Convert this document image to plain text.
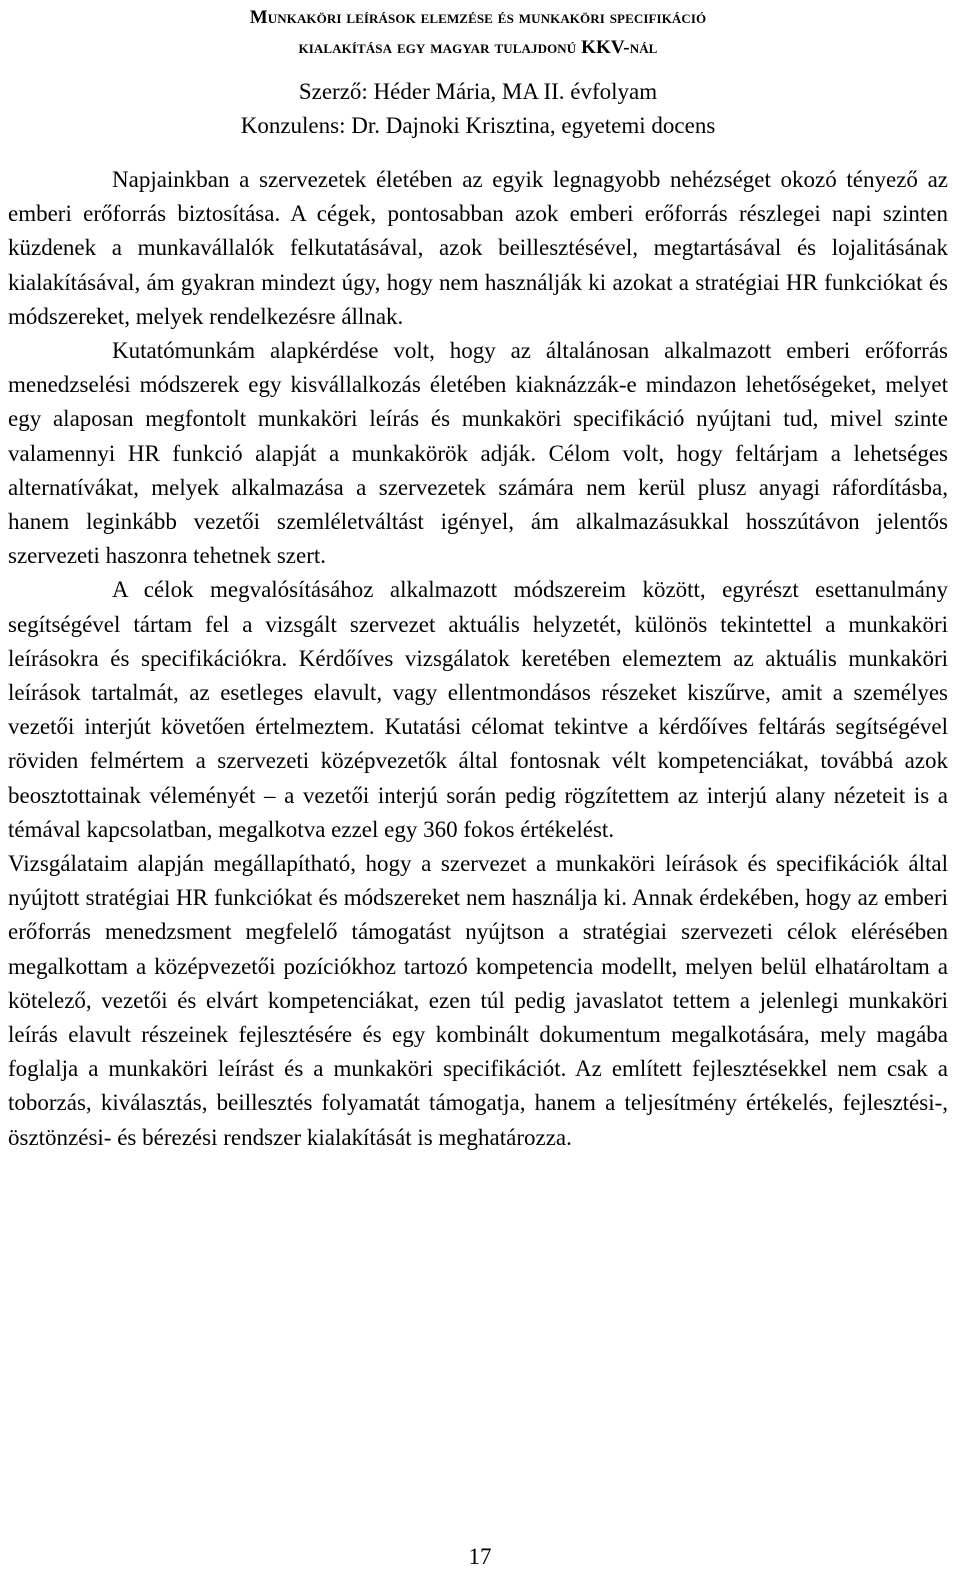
Munkaköri leírások elemzése és munkaköri specifikáció
kialakítása egy magyar tulajdonú KKV-nál
Szerző: Héder Mária, MA II. évfolyam
Konzulens: Dr. Dajnoki Krisztina, egyetemi docens

Napjainkban a szervezetek életében az egyik legnagyobb nehézséget okozó tényező az emberi erőforrás biztosítása. A cégek, pontosabban azok emberi erőforrás részlegei napi szinten küzdenek a munkavállalók felkutatásával, azok beillesztésével, megtartásával és lojalitásának kialakításával, ám gyakran mindezt úgy, hogy nem használják ki azokat a stratégiai HR funkciókat és módszereket, melyek rendelkezésre állnak.

Kutatómunkám alapkérdése volt, hogy az általánosan alkalmazott emberi erőforrás menedzselési módszerek egy kisvállalkozás életében kiaknázzák-e mindazon lehetőségeket, melyet egy alaposan megfontolt munkaköri leírás és munkaköri specifikáció nyújtani tud, mivel szinte valamennyi HR funkció alapját a munkakörök adják. Célom volt, hogy feltárjam a lehetséges alternatívákat, melyek alkalmazása a szervezetek számára nem kerül plusz anyagi ráfordításba, hanem leginkább vezetői szemléletváltást igényel, ám alkalmazásukkal hosszútávon jelentős szervezeti haszonra tehetnek szert.

A célok megvalósításához alkalmazott módszereim között, egyrészt esettanulmány segítségével tártam fel a vizsgált szervezet aktuális helyzetét, különös tekintettel a munkaköri leírásokra és specifikációkra. Kérdőíves vizsgálatok keretében elemeztem az aktuális munkaköri leírások tartalmát, az esetleges elavult, vagy ellentmondásos részeket kiszűrve, amit a személyes vezetői interjút követően értelmeztem. Kutatási célomat tekintve a kérdőíves feltárás segítségével röviden felmértem a szervezeti középvezetők által fontosnak vélt kompetenciákat, továbbá azok beosztottainak véleményét – a vezetői interjú során pedig rögzítettem az interjú alany nézeteit is a témával kapcsolatban, megalkotva ezzel egy 360 fokos értékelést.

Vizsgálataim alapján megállapítható, hogy a szervezet a munkaköri leírások és specifikációk által nyújtott stratégiai HR funkciókat és módszereket nem használja ki. Annak érdekében, hogy az emberi erőforrás menedzsment megfelelő támogatást nyújtson a stratégiai szervezeti célok elérésében megalkottam a középvezetői pozíciókhoz tartozó kompetencia modellt, melyen belül elhatároltam a kötelező, vezetői és elvárt kompetenciákat, ezen túl pedig javaslatot tettem a jelenlegi munkaköri leírás elavult részeinek fejlesztésére és egy kombinált dokumentum megalkotására, mely magába foglalja a munkaköri leírást és a munkaköri specifikációt. Az említett fejlesztésekkel nem csak a toborzás, kiválasztás, beillesztés folyamatát támogatja, hanem a teljesítmény értékelés, fejlesztési-, ösztönzési- és bérezési rendszer kialakítását is meghatározza.

17
